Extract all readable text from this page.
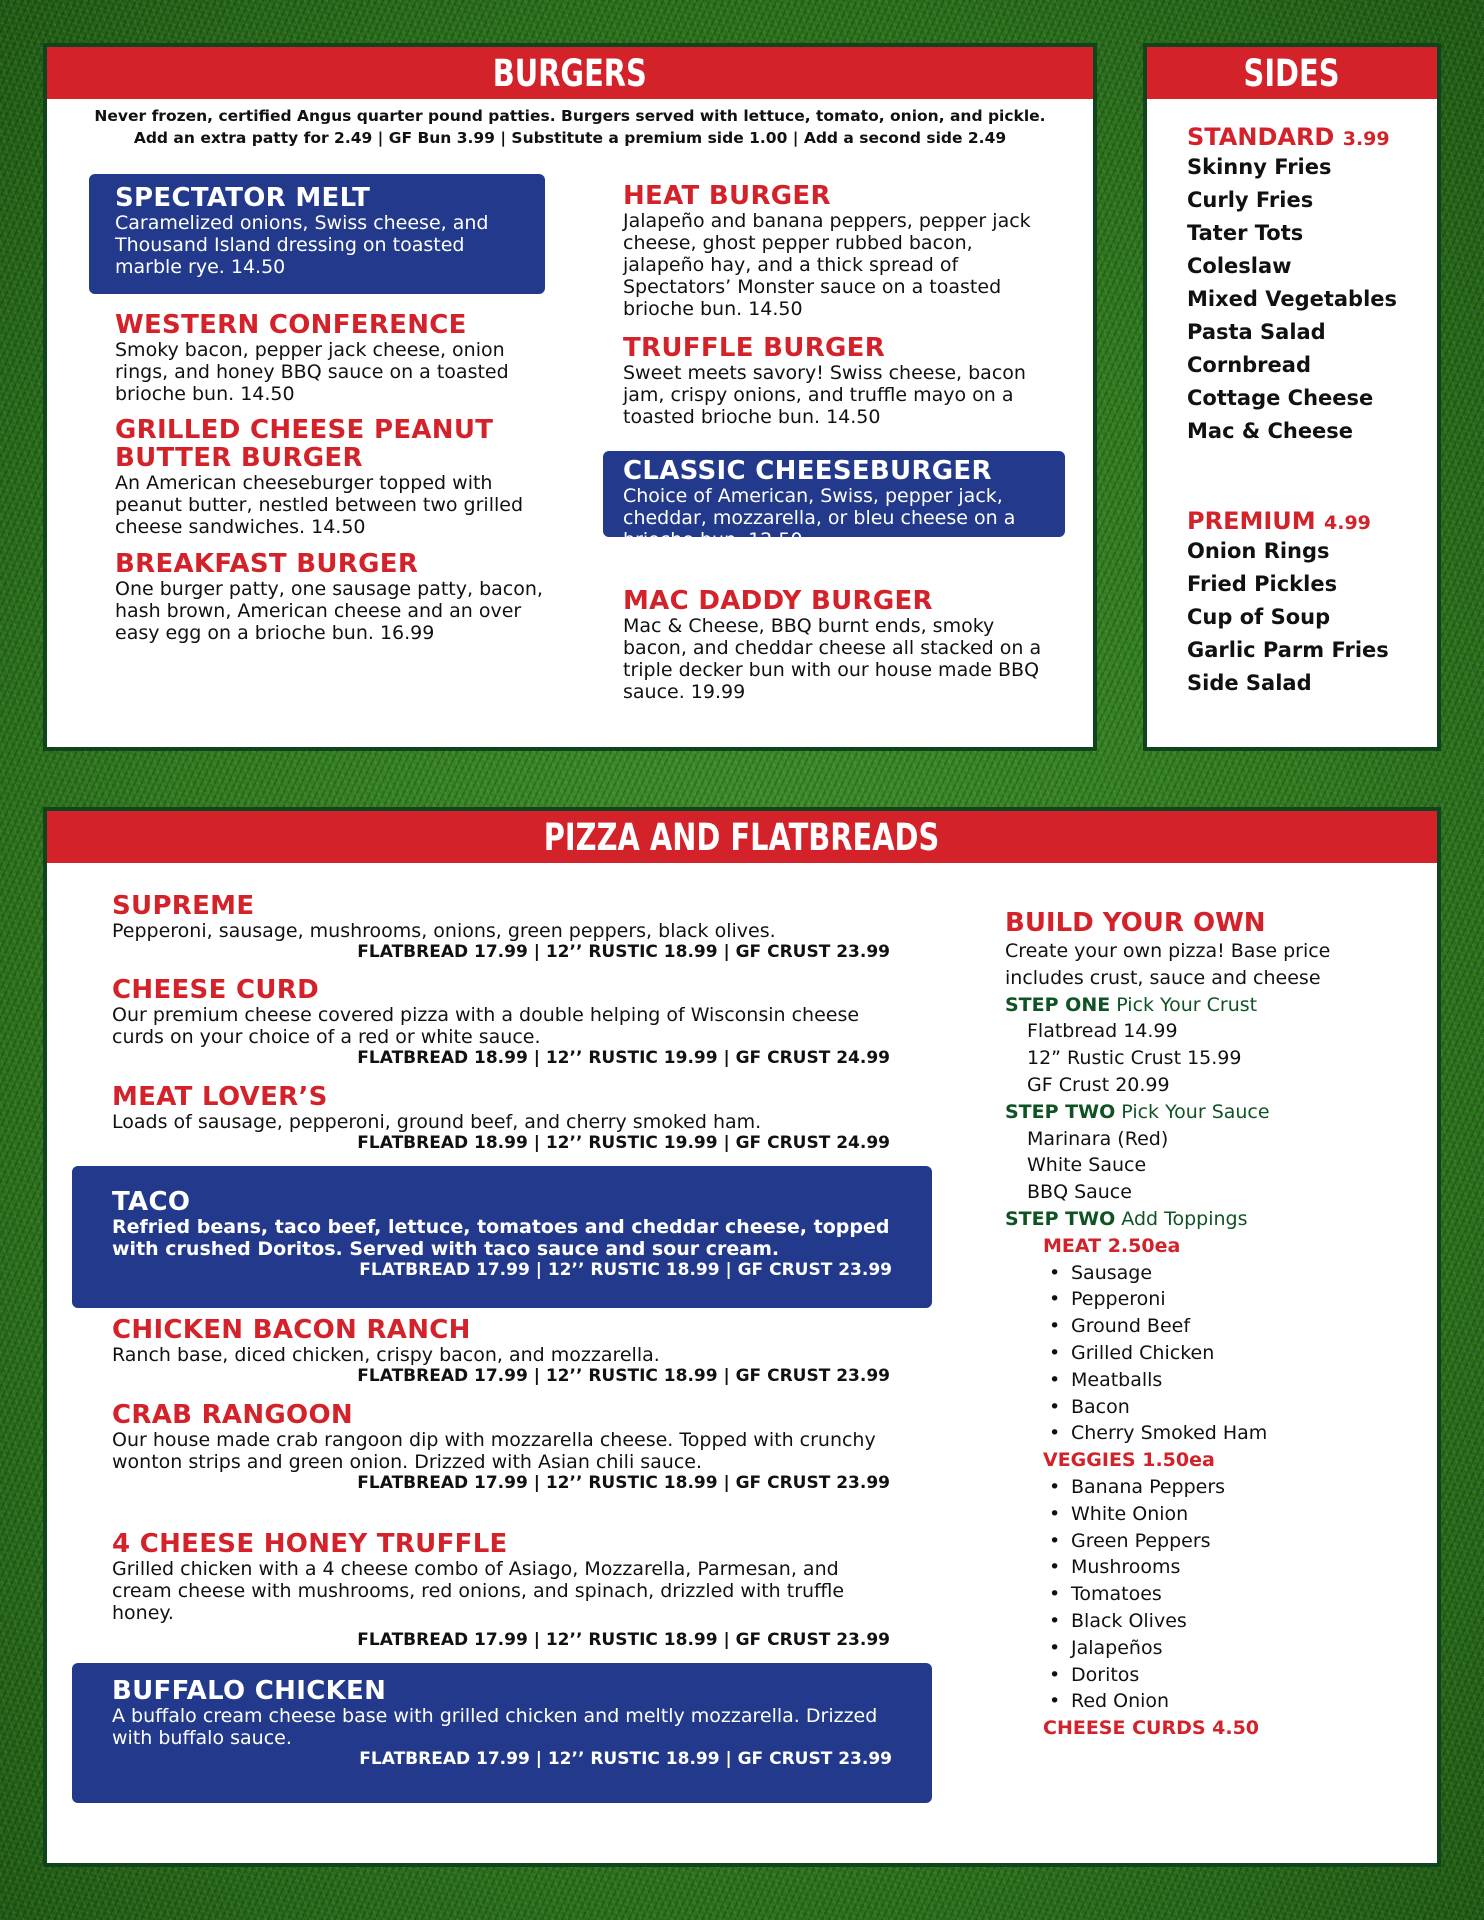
BURGERS
Never frozen, certified Angus quarter pound patties. Burgers served with lettuce, tomato, onion, and pickle.
Add an extra patty for 2.49 | GF Bun 3.99 | Substitute a premium side 1.00 | Add a second side 2.49
SPECTATOR MELT
Caramelized onions, Swiss cheese, and Thousand Island dressing on toasted marble rye. 14.50
WESTERN CONFERENCE
Smoky bacon, pepper jack cheese, onion rings, and honey BBQ sauce on a toasted brioche bun. 14.50
GRILLED CHEESE PEANUT BUTTER BURGER
An American cheeseburger topped with peanut butter, nestled between two grilled cheese sandwiches. 14.50
BREAKFAST BURGER
One burger patty, one sausage patty, bacon, hash brown, American cheese and an over easy egg on a brioche bun. 16.99
HEAT BURGER
Jalapeño and banana peppers, pepper jack cheese, ghost pepper rubbed bacon, jalapeño hay, and a thick spread of Spectators’ Monster sauce on a toasted brioche bun. 14.50
TRUFFLE BURGER
Sweet meets savory! Swiss cheese, bacon jam, crispy onions, and truffle mayo on a toasted brioche bun. 14.50
CLASSIC CHEESEBURGER
Choice of American, Swiss, pepper jack, cheddar, mozzarella, or bleu cheese on a brioche bun. 12.50
MAC DADDY BURGER
Mac & Cheese, BBQ burnt ends, smoky bacon, and cheddar cheese all stacked on a triple decker bun with our house made BBQ sauce. 19.99
SIDES
STANDARD 3.99
Skinny Fries
Curly Fries
Tater Tots
Coleslaw
Mixed Vegetables
Pasta Salad
Cornbread
Cottage Cheese
Mac & Cheese
PREMIUM 4.99
Onion Rings
Fried Pickles
Cup of Soup
Garlic Parm Fries
Side Salad
PIZZA AND FLATBREADS
SUPREME
Pepperoni, sausage, mushrooms, onions, green peppers, black olives.
FLATBREAD 17.99 | 12’’ RUSTIC 18.99 | GF CRUST 23.99
CHEESE CURD
Our premium cheese covered pizza with a double helping of Wisconsin cheese curds on your choice of a red or white sauce.
FLATBREAD 18.99 | 12’’ RUSTIC 19.99 | GF CRUST 24.99
MEAT LOVER’S
Loads of sausage, pepperoni, ground beef, and cherry smoked ham.
FLATBREAD 18.99 | 12’’ RUSTIC 19.99 | GF CRUST 24.99
TACO
Refried beans, taco beef, lettuce, tomatoes and cheddar cheese, topped with crushed Doritos. Served with taco sauce and sour cream.
FLATBREAD 17.99 | 12’’ RUSTIC 18.99 | GF CRUST 23.99
CHICKEN BACON RANCH
Ranch base, diced chicken, crispy bacon, and mozzarella.
FLATBREAD 17.99 | 12’’ RUSTIC 18.99 | GF CRUST 23.99
CRAB RANGOON
Our house made crab rangoon dip with mozzarella cheese. Topped with crunchy wonton strips and green onion. Drizzed with Asian chili sauce.
FLATBREAD 17.99 | 12’’ RUSTIC 18.99 | GF CRUST 23.99
4 CHEESE HONEY TRUFFLE
Grilled chicken with a 4 cheese combo of Asiago, Mozzarella, Parmesan, and cream cheese with mushrooms, red onions, and spinach, drizzled with truffle honey.
FLATBREAD 17.99 | 12’’ RUSTIC 18.99 | GF CRUST 23.99
BUFFALO CHICKEN
A buffalo cream cheese base with grilled chicken and meltly mozzarella. Drizzed with buffalo sauce.
FLATBREAD 17.99 | 12’’ RUSTIC 18.99 | GF CRUST 23.99
BUILD YOUR OWN
Create your own pizza! Base price includes crust, sauce and cheese
STEP ONE Pick Your Crust
Flatbread 14.99
12” Rustic Crust 15.99
GF Crust 20.99
STEP TWO Pick Your Sauce
Marinara (Red)
White Sauce
BBQ Sauce
STEP TWO Add Toppings
MEAT 2.50ea
• Sausage
• Pepperoni
• Ground Beef
• Grilled Chicken
• Meatballs
• Bacon
• Cherry Smoked Ham
VEGGIES 1.50ea
• Banana Peppers
• White Onion
• Green Peppers
• Mushrooms
• Tomatoes
• Black Olives
• Jalapeños
• Doritos
• Red Onion
CHEESE CURDS 4.50
